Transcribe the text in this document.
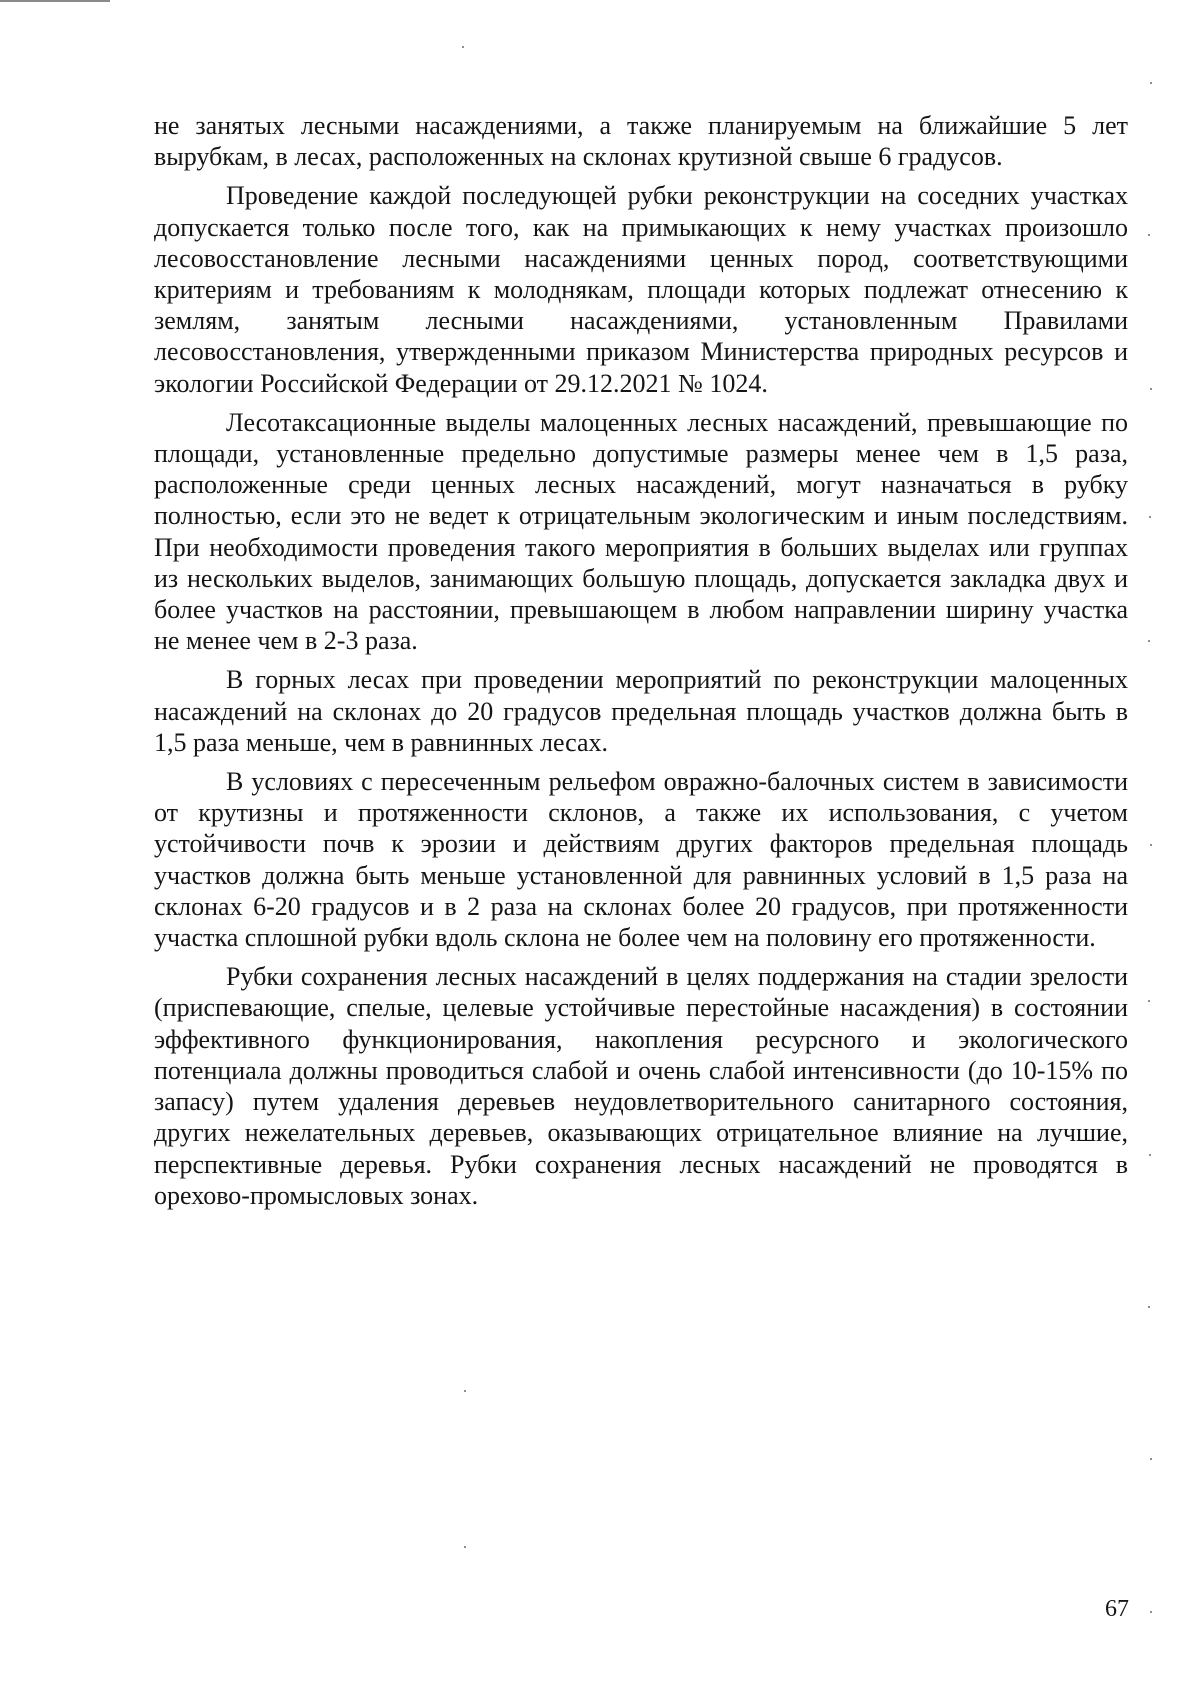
не занятых лесными насаждениями, а также планируемым на ближайшие 5 лет вырубкам, в лесах, расположенных на склонах крутизной свыше 6 градусов.

Проведение каждой последующей рубки реконструкции на соседних участках допускается только после того, как на примыкающих к нему участках произошло лесовосстановление лесными насаждениями ценных пород, соответствующими критериям и требованиям к молоднякам, площади которых подлежат отнесению к землям, занятым лесными насаждениями, установленным Правилами лесовосстановления, утвержденными приказом Министерства природных ресурсов и экологии Российской Федерации от 29.12.2021 № 1024.

Лесотаксационные выделы малоценных лесных насаждений, превышающие по площади, установленные предельно допустимые размеры менее чем в 1,5 раза, расположенные среди ценных лесных насаждений, могут назначаться в рубку полностью, если это не ведет к отрицательным экологическим и иным последствиям. При необходимости проведения такого мероприятия в больших выделах или группах из нескольких выделов, занимающих большую площадь, допускается закладка двух и более участков на расстоянии, превышающем в любом направлении ширину участка не менее чем в 2-3 раза.

В горных лесах при проведении мероприятий по реконструкции малоценных насаждений на склонах до 20 градусов предельная площадь участков должна быть в 1,5 раза меньше, чем в равнинных лесах.

В условиях с пересеченным рельефом овражно-балочных систем в зависимости от крутизны и протяженности склонов, а также их использования, с учетом устойчивости почв к эрозии и действиям других факторов предельная площадь участков должна быть меньше установленной для равнинных условий в 1,5 раза на склонах 6-20 градусов и в 2 раза на склонах более 20 градусов, при протяженности участка сплошной рубки вдоль склона не более чем на половину его протяженности.

Рубки сохранения лесных насаждений в целях поддержания на стадии зрелости (приспевающие, спелые, целевые устойчивые перестойные насаждения) в состоянии эффективного функционирования, накопления ресурсного и экологического потенциала должны проводиться слабой и очень слабой интенсивности (до 10-15% по запасу) путем удаления деревьев неудовлетворительного санитарного состояния, других нежелательных деревьев, оказывающих отрицательное влияние на лучшие, перспективные деревья. Рубки сохранения лесных насаждений не проводятся в орехово-промысловых зонах.

67
